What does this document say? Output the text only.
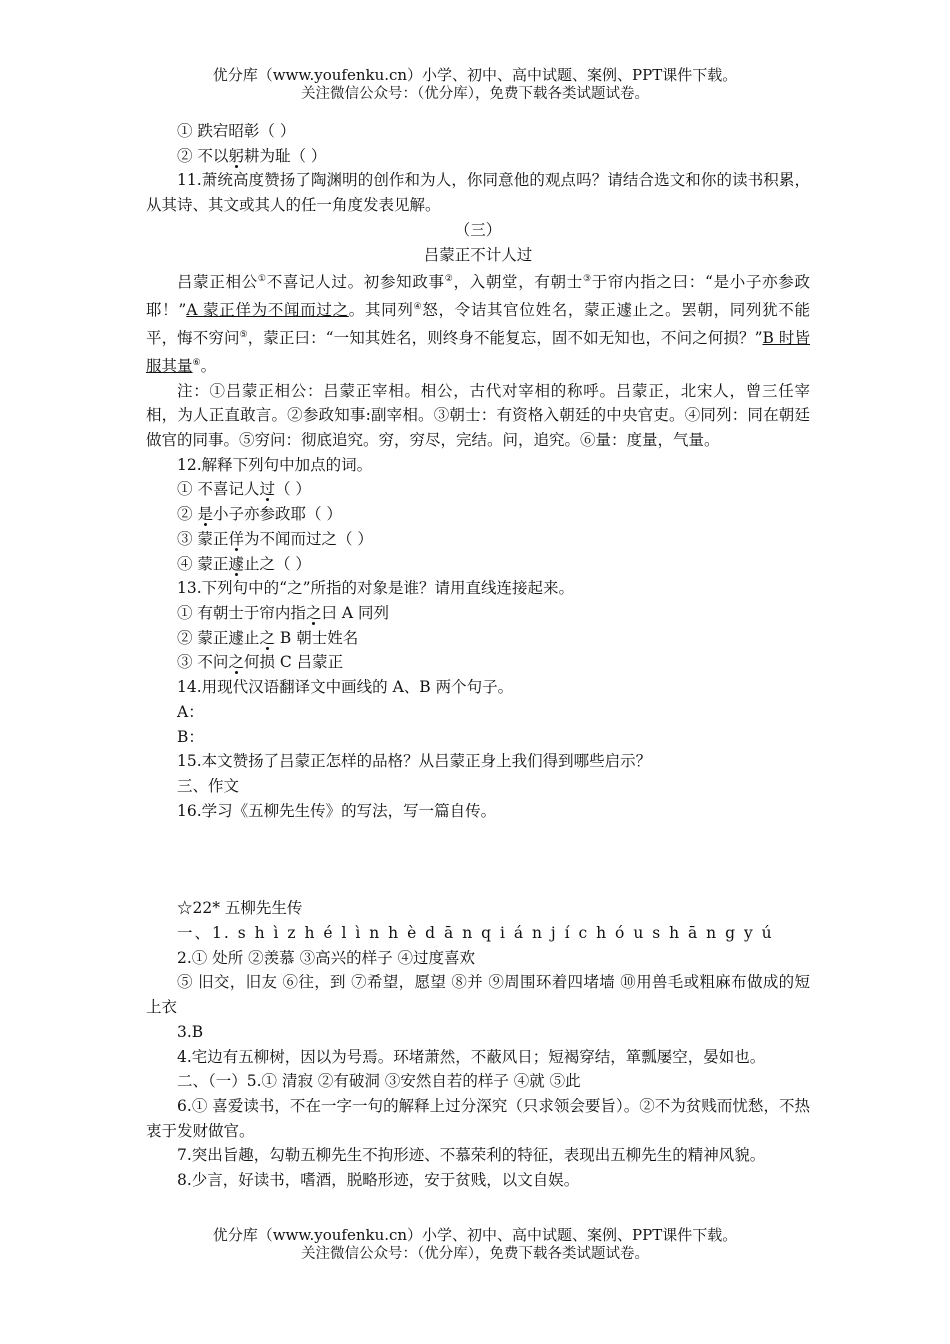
优分库（www.youfenku.cn）小学、初中、高中试题、案例、PPT课件下载。
关注微信公众号：（优分库），免费下载各类试题试卷。
① 跌宕昭彰（ ）
② 不以躬耕为耻（ ）
11.萧统高度赞扬了陶渊明的创作和为人，你同意他的观点吗？请结合选文和你的读书积累，从其诗、其文或其人的任一角度发表见解。
（三）
吕蒙正不计人过
吕蒙正相公①不喜记人过。初参知政事②，入朝堂，有朝士③于帘内指之曰：“是小子亦参政耶！”A 蒙正佯为不闻而过之。其同列④怒，令诘其官位姓名，蒙正遽止之。罢朝，同列犹不能平，悔不穷问⑤，蒙正曰：“一知其姓名，则终身不能复忘，固不如无知也，不问之何损？”B 时皆服其量⑥。
注：①吕蒙正相公：吕蒙正宰相。相公，古代对宰相的称呼。吕蒙正，北宋人，曾三任宰相，为人正直敢言。②参政知事:副宰相。③朝士：有资格入朝廷的中央官吏。④同列：同在朝廷做官的同事。⑤穷问：彻底追究。穷，穷尽，完结。问，追究。⑥量：度量，气量。
12.解释下列句中加点的词。
① 不喜记人过（ ）
② 是小子亦参政耶（ ）
③ 蒙正佯为不闻而过之（ ）
④ 蒙正遽止之（ ）
13.下列句中的“之”所指的对象是谁？请用直线连接起来。
① 有朝士于帘内指之曰 A 同列
② 蒙正遽止之 B 朝士姓名
③ 不问之何损 C 吕蒙正
14.用现代汉语翻译文中画线的 A、B 两个句子。
A：
B：
15.本文赞扬了吕蒙正怎样的品格？从吕蒙正身上我们得到哪些启示？
三、作文
16.学习《五柳先生传》的写法，写一篇自传。
☆22* 五柳先生传
一、1. s h ì z h é l ì n h è d ā n q i á n j í c h ó u s h ā n g y ú
2.① 处所 ②羡慕 ③高兴的样子 ④过度喜欢
⑤ 旧交，旧友 ⑥往，到 ⑦希望，愿望 ⑧并 ⑨周围环着四堵墙 ⑩用兽毛或粗麻布做成的短上衣
3.B
4.宅边有五柳树，因以为号焉。环堵萧然，不蔽风日；短褐穿结，箪瓢屡空，晏如也。
二、（一）5.① 清寂 ②有破洞 ③安然自若的样子 ④就 ⑤此
6.① 喜爱读书，不在一字一句的解释上过分深究（只求领会要旨）。②不为贫贱而忧愁，不热衷于发财做官。
7.突出旨趣，勾勒五柳先生不拘形迹、不慕荣利的特征，表现出五柳先生的精神风貌。
8.少言，好读书，嗜酒，脱略形迹，安于贫贱，以文自娱。
优分库（www.youfenku.cn）小学、初中、高中试题、案例、PPT课件下载。
关注微信公众号：（优分库），免费下载各类试题试卷。
